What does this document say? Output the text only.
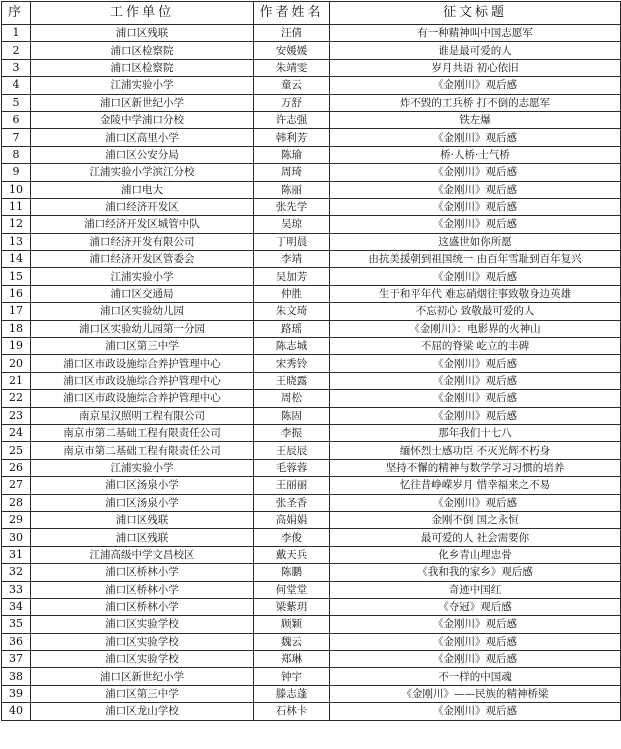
序	工作单位	作者姓名	征文标题
1	浦口区残联	汪倩	有一种精神叫中国志愿军
2	浦口区检察院	安媛媛	谁是最可爱的人
3	浦口区检察院	朱靖雯	岁月共语 初心依旧
4	江浦实验小学	童云	《金刚川》观后感
5	浦口区新世纪小学	万舒	炸不毁的工兵桥 打不倒的志愿军
6	金陵中学浦口分校	许志强	铁左爆
7	浦口区高里小学	韩利芳	《金刚川》观后感
8	浦口区公安分局	陈瑜	桥·人桥·士气桥
9	江浦实验小学滨江分校	周琦	《金刚川》观后感
10	浦口电大	陈丽	《金刚川》观后感
11	浦口经济开发区	张先学	《金刚川》观后感
12	浦口经济开发区城管中队	吴琼	《金刚川》观后感
13	浦口经济开发有限公司	丁明晨	这盛世如你所愿
14	浦口经济开发区管委会	李靖	由抗美援朝到祖国统一 由百年雪耻到百年复兴
15	江浦实验小学	吴加芳	《金刚川》观后感
16	浦口区交通局	仲胜	生于和平年代 难忘硝烟往事致敬身边英雄
17	浦口区实验幼儿园	朱文琦	不忘初心 致敬最可爱的人
18	浦口区实验幼儿园第一分园	路瑶	《金刚川》：电影界的火神山
19	浦口区第三中学	陈志城	不屈的脊梁 屹立的丰碑
20	浦口区市政设施综合养护管理中心	宋秀铃	《金刚川》观后感
21	浦口区市政设施综合养护管理中心	王晓露	《金刚川》观后感
22	浦口区市政设施综合养护管理中心	周松	《金刚川》观后感
23	南京星汉照明工程有限公司	陈固	《金刚川》观后感
24	南京市第二基础工程有限责任公司	李振	那年我们十七八
25	南京市第二基础工程有限责任公司	王辰辰	缅怀烈士感功臣 不灭光辉不朽身
26	江浦实验小学	毛蓉蓉	坚持不懈的精神与数学学习习惯的培养
27	浦口区汤泉小学	王丽丽	忆往昔峥嵘岁月 惜幸福来之不易
28	浦口区汤泉小学	张圣香	《金刚川》观后感
29	浦口区残联	高娟娟	金刚不倒 国之永恒
30	浦口区残联	李俊	最可爱的人 社会需要你
31	江浦高级中学文昌校区	戴天兵	化乡青山埋忠骨
32	浦口区桥林小学	陈鹏	《我和我的家乡》观后感
33	浦口区桥林小学	何堂堂	奇迹中国红
34	浦口区桥林小学	梁紫玥	《夺冠》观后感
35	浦口区实验学校	顾颖	《金刚川》观后感
36	浦口区实验学校	魏云	《金刚川》观后感
37	浦口区实验学校	郑琳	《金刚川》观后感
38	浦口区新世纪小学	钟宇	不一样的中国魂
39	浦口区第三中学	滕志蓬	《金刚川》——民族的精神桥梁
40	浦口区龙山学校	石林卡	《金刚川》观后感
